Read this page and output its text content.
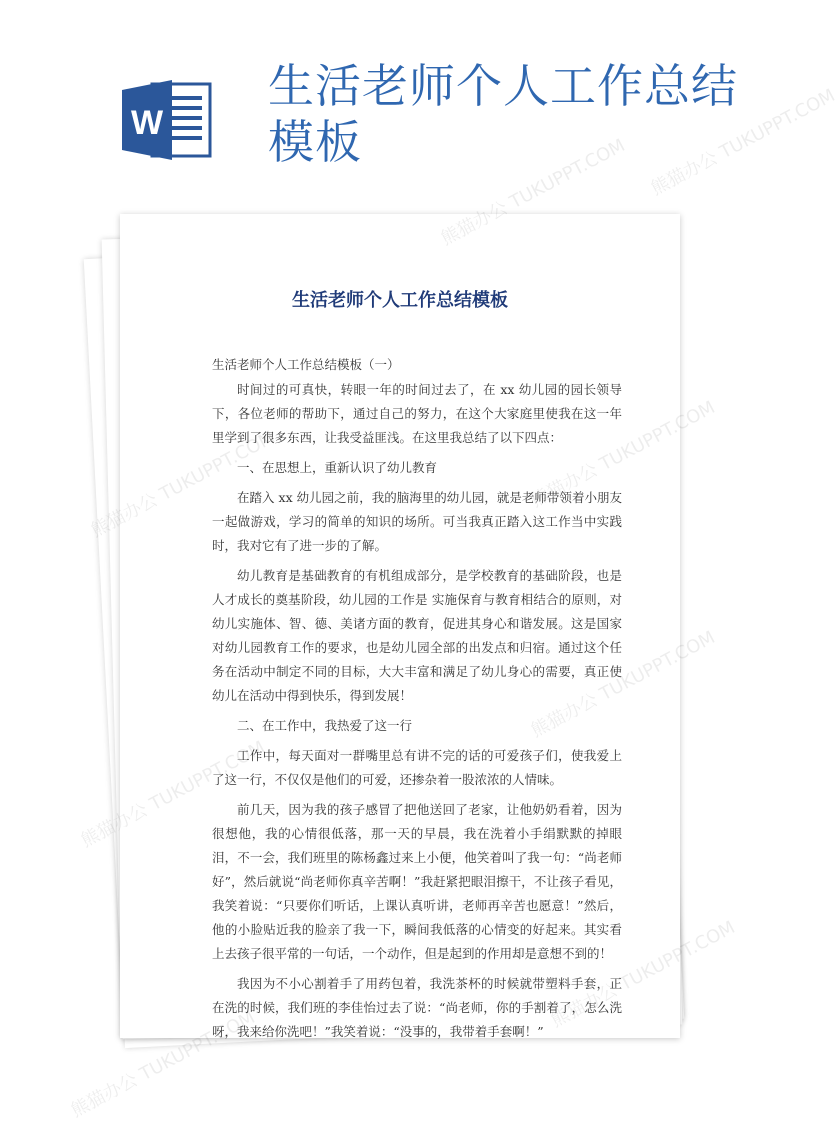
W
生活老师个人工作总结模板
生活老师个人工作总结模板
生活老师个人工作总结模板（一）

时间过的可真快，转眼一年的时间过去了，在 xx 幼儿园的园长领导下，各位老师的帮助下，通过自己的努力，在这个大家庭里使我在这一年里学到了很多东西，让我受益匪浅。在这里我总结了以下四点：

一、在思想上，重新认识了幼儿教育

在踏入 xx 幼儿园之前，我的脑海里的幼儿园，就是老师带领着小朋友一起做游戏，学习的简单的知识的场所。可当我真正踏入这工作当中实践时，我对它有了进一步的了解。

幼儿教育是基础教育的有机组成部分，是学校教育的基础阶段，也是人才成长的奠基阶段，幼儿园的工作是 实施保育与教育相结合的原则，对幼儿实施体、智、德、美诸方面的教育，促进其身心和谐发展。这是国家对幼儿园教育工作的要求，也是幼儿园全部的出发点和归宿。通过这个任务在活动中制定不同的目标，大大丰富和满足了幼儿身心的需要，真正使幼儿在活动中得到快乐，得到发展！

二、在工作中，我热爱了这一行

工作中，每天面对一群嘴里总有讲不完的话的可爱孩子们，使我爱上了这一行，不仅仅是他们的可爱，还掺杂着一股浓浓的人情味。

前几天，因为我的孩子感冒了把他送回了老家，让他奶奶看着，因为很想他，我的心情很低落，那一天的早晨，我在洗着小手绢默默的掉眼泪，不一会，我们班里的陈杨鑫过来上小便，他笑着叫了我一句：“尚老师好”，然后就说“尚老师你真辛苦啊！”我赶紧把眼泪擦干，不让孩子看见，我笑着说：“只要你们听话，上课认真听讲，老师再辛苦也愿意！”然后，他的小脸贴近我的脸亲了我一下，瞬间我低落的心情变的好起来。其实看上去孩子很平常的一句话，一个动作，但是起到的作用却是意想不到的！

我因为不小心割着手了用药包着，我洗茶杯的时候就带塑料手套，正在洗的时候，我们班的李佳怡过去了说：“尚老师，你的手割着了，怎么洗呀，我来给你洗吧！”我笑着说：“没事的，我带着手套啊！”

熊猫办公 TUKUPPT.COM
熊猫办公 TUKUPPT.COM
熊猫办公 TUKUPPT.COM
